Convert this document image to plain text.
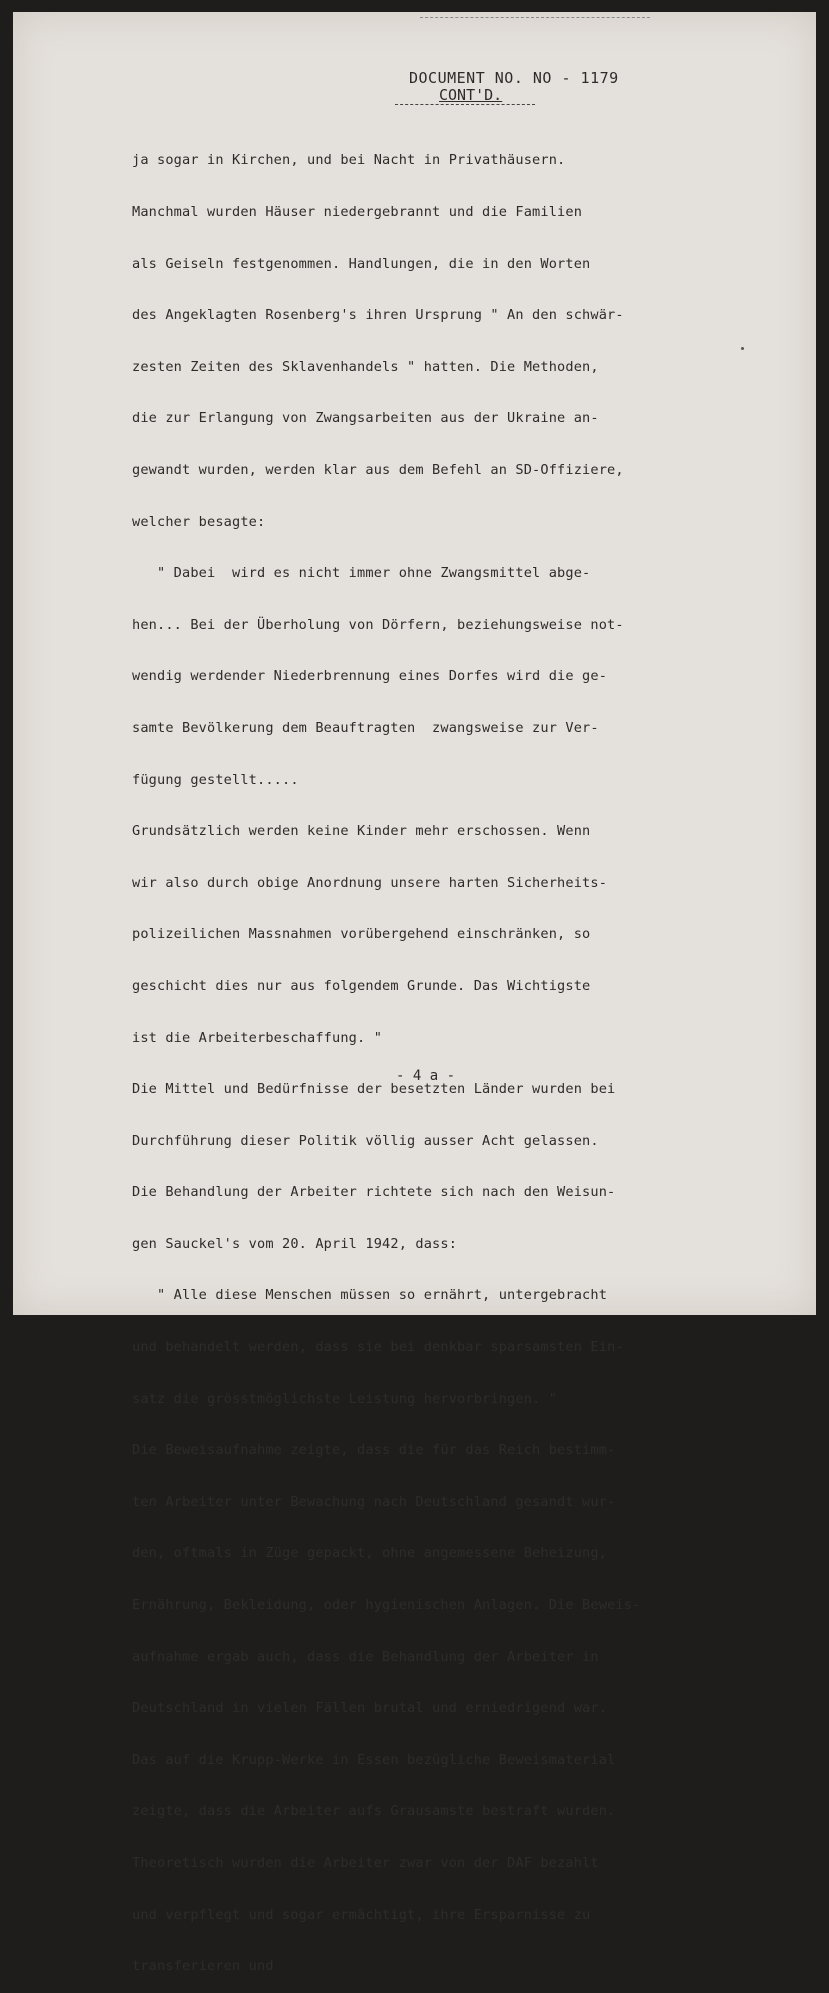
DOCUMENT NO. NO - 1179
CONT'D.

ja sogar in Kirchen, und bei Nacht in Privathäusern.

Manchmal wurden Häuser niedergebrannt und die Familien

als Geiseln festgenommen. Handlungen, die in den Worten

des Angeklagten Rosenberg's ihren Ursprung " An den schwär-

zesten Zeiten des Sklavenhandels " hatten. Die Methoden,

die zur Erlangung von Zwangsarbeiten aus der Ukraine an-

gewandt wurden, werden klar aus dem Befehl an SD-Offiziere,

welcher besagte:

" Dabei  wird es nicht immer ohne Zwangsmittel abge-

hen... Bei der Überholung von Dörfern, beziehungsweise not-

wendig werdender Niederbrennung eines Dorfes wird die ge-

samte Bevölkerung dem Beauftragten  zwangsweise zur Ver-

fügung gestellt.....

Grundsätzlich werden keine Kinder mehr erschossen. Wenn

wir also durch obige Anordnung unsere harten Sicherheits-

polizeilichen Massnahmen vorübergehend einschränken, so

geschicht dies nur aus folgendem Grunde. Das Wichtigste

ist die Arbeiterbeschaffung. "

Die Mittel und Bedürfnisse der besetzten Länder wurden bei

Durchführung dieser Politik völlig ausser Acht gelassen.

Die Behandlung der Arbeiter richtete sich nach den Weisun-

gen Sauckel's vom 20. April 1942, dass:

" Alle diese Menschen müssen so ernährt, untergebracht

und behandelt werden, dass sie bei denkbar sparsamsten Ein-

satz die grösstmöglichste Leistung hervorbringen. "

Die Beweisaufnahme zeigte, dass die für das Reich bestimm-

ten Arbeiter unter Bewachung nach Deutschland gesandt wur-

den, oftmals in Züge gepackt, ohne angemessene Beheizung,

Ernährung, Bekleidung, oder hygienischen Anlagen. Die Beweis-

aufnahme ergab auch, dass die Behandlung der Arbeiter in

Deutschland in vielen Fällen brutal und erniedrigend war.

Das auf die Krupp-Werke in Essen bezügliche Beweismaterial

zeigte, dass die Arbeiter aufs Grausamste bestraft wurden.

Theoretisch wurden die Arbeiter zwar von der DAF bezahlt

und verpflegt und sogar ermächtigt, ihre Ersparnisse zu

transferieren und

- 4 a -
